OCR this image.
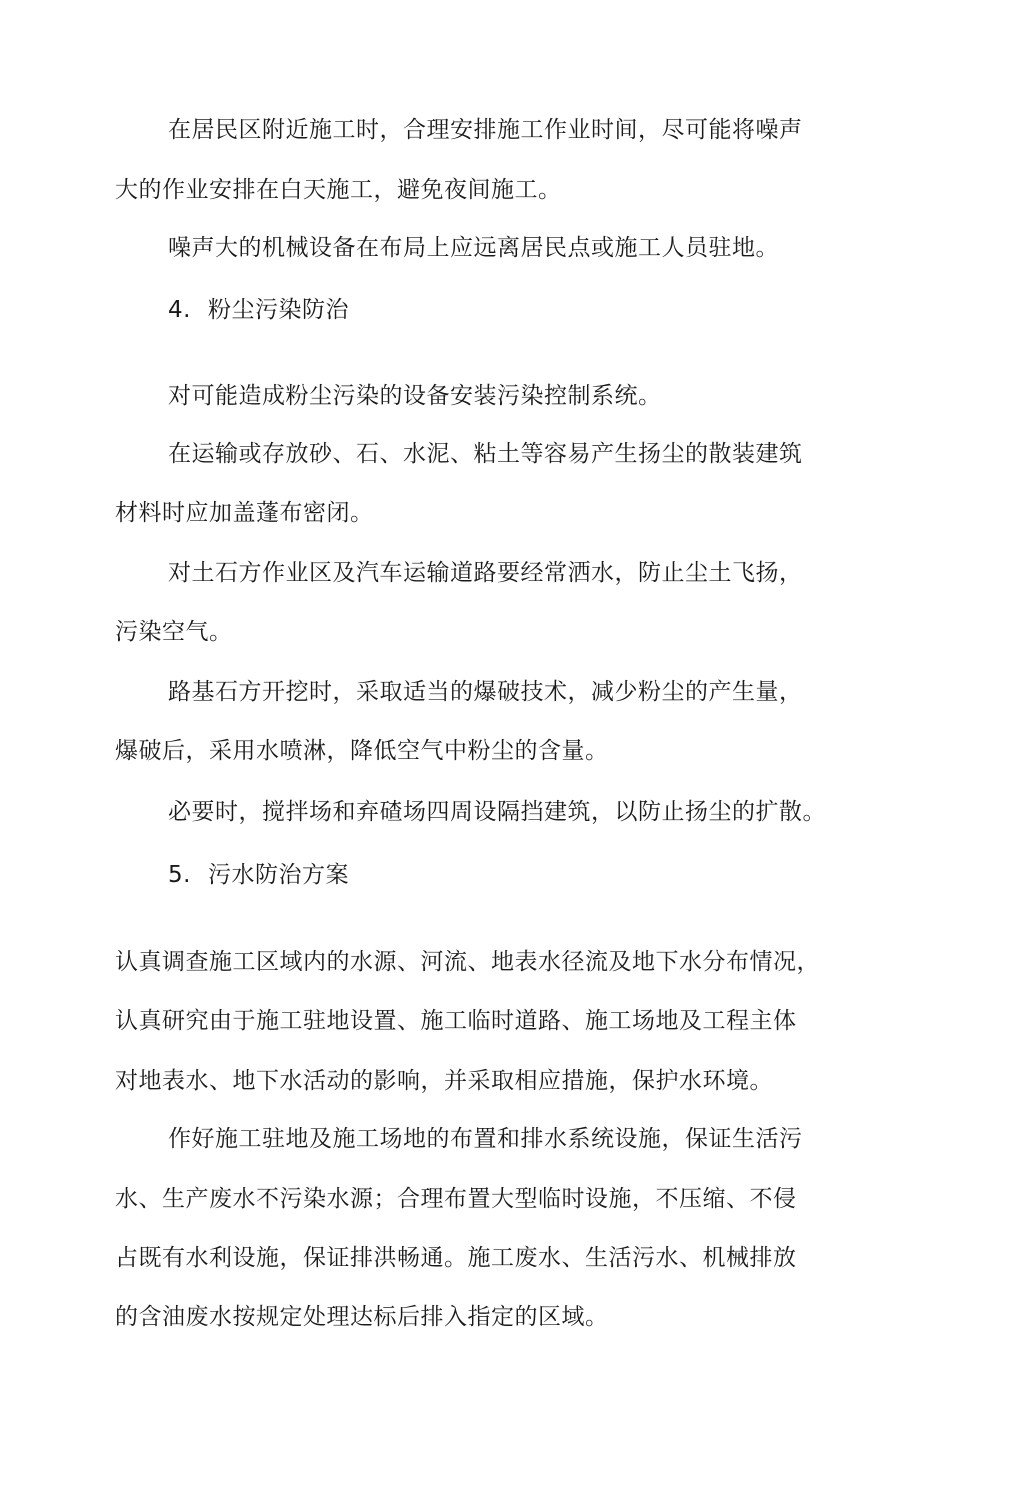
在居民区附近施工时，合理安排施工作业时间，尽可能将噪声
大的作业安排在白天施工，避免夜间施工。
噪声大的机械设备在布局上应远离居民点或施工人员驻地。
4. 粉尘污染防治
对可能造成粉尘污染的设备安装污染控制系统。
在运输或存放砂、石、水泥、粘土等容易产生扬尘的散装建筑
材料时应加盖蓬布密闭。
对土石方作业区及汽车运输道路要经常洒水，防止尘土飞扬，
污染空气。
路基石方开挖时，采取适当的爆破技术，减少粉尘的产生量，
爆破后，采用水喷淋，降低空气中粉尘的含量。
必要时，搅拌场和弃碴场四周设隔挡建筑，以防止扬尘的扩散。
5. 污水防治方案
认真调查施工区域内的水源、河流、地表水径流及地下水分布情况，
认真研究由于施工驻地设置、施工临时道路、施工场地及工程主体
对地表水、地下水活动的影响，并采取相应措施，保护水环境。
作好施工驻地及施工场地的布置和排水系统设施，保证生活污
水、生产废水不污染水源；合理布置大型临时设施，不压缩、不侵
占既有水利设施，保证排洪畅通。施工废水、生活污水、机械排放
的含油废水按规定处理达标后排入指定的区域。
